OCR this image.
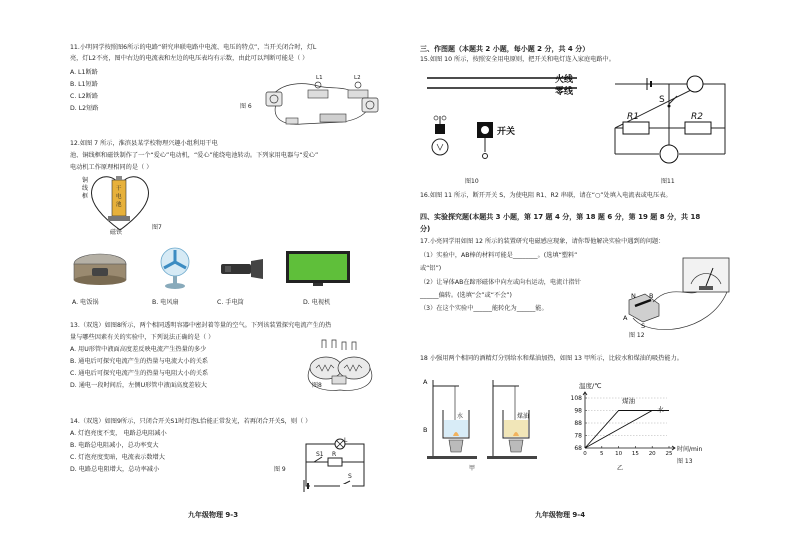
11.小明同学按照图6所示的电路“研究串联电路中电流、电压的特点”，当开关闭合时，灯L
亮，灯L2不亮，图中右边的电流表和左边的电压表均有示数，由此可以判断可能是（ ）
A. L1断路
B. L1短路
C. L2断路
D. L2短路
L1	L2
图 6
12.如图 7 所示，淮滨县某学校物理兴趣小组利用干电
池、铜线框和磁铁制作了一个“爱心”电动机，“爱心”能绕电池转动。下列家用电器与“爱心”
电动机工作原理相同的是（ ）
铜
线
框
干
电
池
磁铁
图7
A. 电饭锅	B. 电风扇	C. 手电筒	D. 电视机
13.（双选）如图8所示，两个相同透明容器中密封着等量的空气。下列该装置探究电流产生的热
量与哪些因素有关的实验中，下列说法正确的是（ ）
A. 用U形管中液面高度差反映电流产生热量的多少
B. 通电后可探究电流产生的热量与电流大小的关系
C. 通电后可探究电流产生的热量与电阻大小的关系
D. 通电一段时间后，左侧U形管中液面高度差较大	图8
14.（双选）如图9所示，只闭合开关S1时灯泡L恰能正常发光，若再闭合开关S，则（ ）
A. 灯泡亮度不变， 电路总电阻减小
B. 电路总电阻减小，总功率变大
C. 灯泡亮度变暗，电流表示数增大
D. 电路总电阻增大，总功率减小
L
S1 R
S
图 9
九年级物理 9-3
三、作图题（本题共 2 小题，每小题 2 分，共 4 分）
15.如图 10 所示，按照安全用电原则，把开关和电灯连入家庭电路中。
火线
零线
开关
图10
S
R1	R2
图11
16.如图 11 所示，断开开关 S，为使电阻 R1、R2 串联，请在“○”处填入电流表或电压表。
四、实验探究题(本题共 3 小题，第 17 题 4 分，第 18 题 6 分，第 19 题 8 分，共 18
分)
17.小亮同学用如图 12 所示的装置研究电磁感应现象，请你帮他解决实验中遇到的问题：
（1）实验中，AB棒的材料可能是________。(选填“塑料”
或“铝”)
（2）让导体AB在蹄形磁体中向左或向右运动，电流计指针
______偏转。(选填“会”或“不会”)
（3）在这个实验中______能转化为______能。
N
S
A
B
图 12
18 小强用两个相同的酒精灯分别给水和煤油加热，如图 13 甲所示，比较水和煤油的吸热能力。
A
B
水	煤油
甲
温度/℃
时间/min
68
78
88
98
108
0 5 10 15 20 25
煤油
水
乙
图 13
九年级物理 9-4
